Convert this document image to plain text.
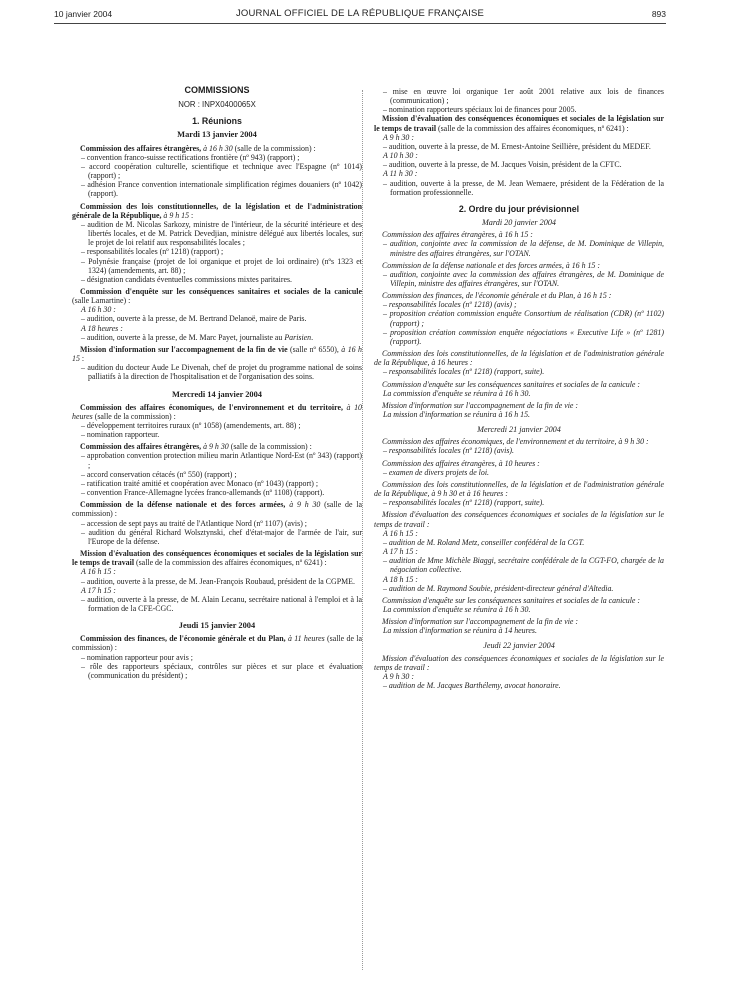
10 janvier 2004	JOURNAL OFFICIEL DE LA RÉPUBLIQUE FRANÇAISE	893

COMMISSIONS

NOR : INPX0400065X

1. Réunions

Mardi 13 janvier 2004

Commission des affaires étrangères, à 16 h 30 (salle de la commission) :

– convention franco-suisse rectifications frontière (nº 943) (rapport) ;
– accord coopération culturelle, scientifique et technique avec l'Espagne (nº 1014) (rapport) ;
– adhésion France convention internationale simplification régimes douaniers (nº 1042) (rapport).

Commission des lois constitutionnelles, de la législation et de l'administration générale de la République, à 9 h 15 :

– audition de M. Nicolas Sarkozy, ministre de l'intérieur, de la sécurité intérieure et des libertés locales, et de M. Patrick Devedjian, ministre délégué aux libertés locales, sur le projet de loi relatif aux responsabilités locales ;
– responsabilités locales (nº 1218) (rapport) ;
– Polynésie française (projet de loi organique et projet de loi ordinaire) (nºs 1323 et 1324) (amendements, art. 88) ;
– désignation candidats éventuelles commissions mixtes paritaires.

Commission d'enquête sur les conséquences sanitaires et sociales de la canicule (salle Lamartine) :

A 16 h 30 :

– audition, ouverte à la presse, de M. Bertrand Delanoë, maire de Paris.

A 18 heures :

– audition, ouverte à la presse, de M. Marc Payet, journaliste au Parisien.

Mission d'information sur l'accompagnement de la fin de vie (salle nº 6550), à 16 h 15 :

– audition du docteur Aude Le Divenah, chef de projet du programme national de soins palliatifs à la direction de l'hospitalisation et de l'organisation des soins.

Mercredi 14 janvier 2004

Commission des affaires économiques, de l'environnement et du territoire, à 10 heures (salle de la commission) :

– développement territoires ruraux (nº 1058) (amendements, art. 88) ;
– nomination rapporteur.

Commission des affaires étrangères, à 9 h 30 (salle de la commission) :

– approbation convention protection milieu marin Atlantique Nord-Est (nº 343) (rapport) ;
– accord conservation cétacés (nº 550) (rapport) ;
– ratification traité amitié et coopération avec Monaco (nº 1043) (rapport) ;
– convention France-Allemagne lycées franco-allemands (nº 1108) (rapport).

Commission de la défense nationale et des forces armées, à 9 h 30 (salle de la commission) :

– accession de sept pays au traité de l'Atlantique Nord (nº 1107) (avis) ;
– audition du général Richard Wolsztynski, chef d'état-major de l'armée de l'air, sur l'Europe de la défense.

Mission d'évaluation des conséquences économiques et sociales de la législation sur le temps de travail (salle de la commission des affaires économiques, nº 6241) :

A 16 h 15 :

– audition, ouverte à la presse, de M. Jean-François Roubaud, président de la CGPME.

A 17 h 15 :

– audition, ouverte à la presse, de M. Alain Lecanu, secrétaire national à l'emploi et à la formation de la CFE-CGC.

Jeudi 15 janvier 2004

Commission des finances, de l'économie générale et du Plan, à 11 heures (salle de la commission) :

– nomination rapporteur pour avis ;
– rôle des rapporteurs spéciaux, contrôles sur pièces et sur place et évaluation (communication du président) ;
– mise en œuvre loi organique 1er août 2001 relative aux lois de finances (communication) ;
– nomination rapporteurs spéciaux loi de finances pour 2005.

Mission d'évaluation des conséquences économiques et sociales de la législation sur le temps de travail (salle de la commission des affaires économiques, nº 6241) :

A 9 h 30 :

– audition, ouverte à la presse, de M. Ernest-Antoine Seillière, président du MEDEF.

A 10 h 30 :

– audition, ouverte à la presse, de M. Jacques Voisin, président de la CFTC.

A 11 h 30 :

– audition, ouverte à la presse, de M. Jean Wemaere, président de la Fédération de la formation professionnelle.

2. Ordre du jour prévisionnel

Mardi 20 janvier 2004

Commission des affaires étrangères, à 16 h 15 :

– audition, conjointe avec la commission de la défense, de M. Dominique de Villepin, ministre des affaires étrangères, sur l'OTAN.

Commission de la défense nationale et des forces armées, à 16 h 15 :

– audition, conjointe avec la commission des affaires étrangères, de M. Dominique de Villepin, ministre des affaires étrangères, sur l'OTAN.

Commission des finances, de l'économie générale et du Plan, à 16 h 15 :

– responsabilités locales (nº 1218) (avis) ;
– proposition création commission enquête Consortium de réalisation (CDR) (nº 1102) (rapport) ;
– proposition création commission enquête négociations « Executive Life » (nº 1281) (rapport).

Commission des lois constitutionnelles, de la législation et de l'administration générale de la République, à 16 heures :

– responsabilités locales (nº 1218) (rapport, suite).

Commission d'enquête sur les conséquences sanitaires et sociales de la canicule :

La commission d'enquête se réunira à 16 h 30.

Mission d'information sur l'accompagnement de la fin de vie :

La mission d'information se réunira à 16 h 15.

Mercredi 21 janvier 2004

Commission des affaires économiques, de l'environnement et du territoire, à 9 h 30 :

– responsabilités locales (nº 1218) (avis).

Commission des affaires étrangères, à 10 heures :

– examen de divers projets de loi.

Commission des lois constitutionnelles, de la législation et de l'administration générale de la République, à 9 h 30 et à 16 heures :

– responsabilités locales (nº 1218) (rapport, suite).

Mission d'évaluation des conséquences économiques et sociales de la législation sur le temps de travail :

A 16 h 15 :

– audition de M. Roland Metz, conseiller confédéral de la CGT.

A 17 h 15 :

– audition de Mme Michèle Biaggi, secrétaire confédérale de la CGT-FO, chargée de la négociation collective.

A 18 h 15 :

– audition de M. Raymond Soubie, président-directeur général d'Altedia.

Commission d'enquête sur les conséquences sanitaires et sociales de la canicule :

La commission d'enquête se réunira à 16 h 30.

Mission d'information sur l'accompagnement de la fin de vie :

La mission d'information se réunira à 14 heures.

Jeudi 22 janvier 2004

Mission d'évaluation des conséquences économiques et sociales de la législation sur le temps de travail :

A 9 h 30 :

– audition de M. Jacques Barthélemy, avocat honoraire.
